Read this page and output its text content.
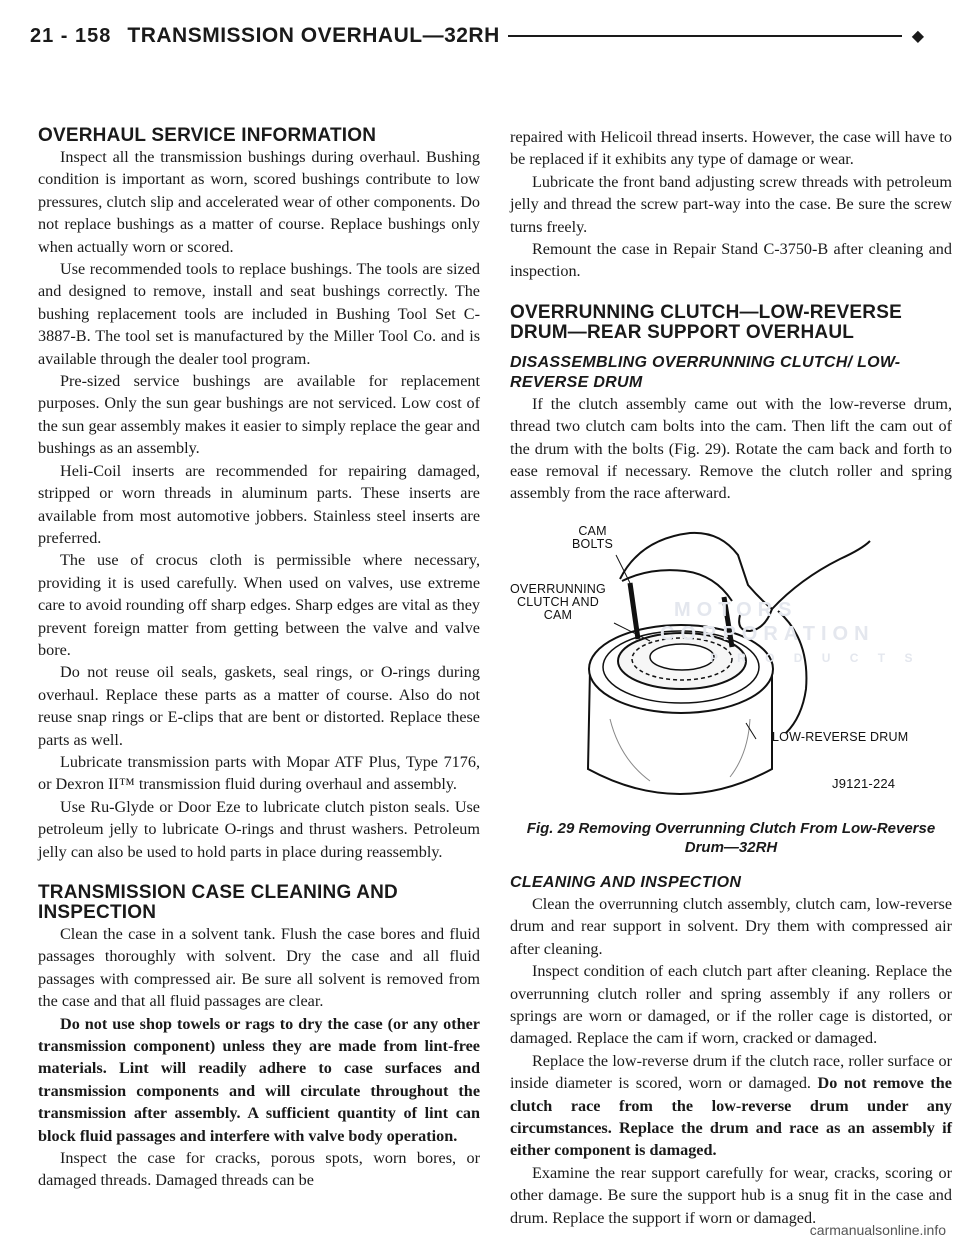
21 - 158 TRANSMISSION OVERHAUL—32RH	◆
OVERHAUL SERVICE INFORMATION

Inspect all the transmission bushings during overhaul. Bushing condition is important as worn, scored bushings contribute to low pressures, clutch slip and accelerated wear of other components. Do not replace bushings as a matter of course. Replace bushings only when actually worn or scored.

Use recommended tools to replace bushings. The tools are sized and designed to remove, install and seat bushings correctly. The bushing replacement tools are included in Bushing Tool Set C-3887-B. The tool set is manufactured by the Miller Tool Co. and is available through the dealer tool program.

Pre-sized service bushings are available for replacement purposes. Only the sun gear bushings are not serviced. Low cost of the sun gear assembly makes it easier to simply replace the gear and bushings as an assembly.

Heli-Coil inserts are recommended for repairing damaged, stripped or worn threads in aluminum parts. These inserts are available from most automotive jobbers. Stainless steel inserts are preferred.

The use of crocus cloth is permissible where necessary, providing it is used carefully. When used on valves, use extreme care to avoid rounding off sharp edges. Sharp edges are vital as they prevent foreign matter from getting between the valve and valve bore.

Do not reuse oil seals, gaskets, seal rings, or O-rings during overhaul. Replace these parts as a matter of course. Also do not reuse snap rings or E-clips that are bent or distorted. Replace these parts as well.

Lubricate transmission parts with Mopar ATF Plus, Type 7176, or Dexron II™ transmission fluid during overhaul and assembly.

Use Ru-Glyde or Door Eze to lubricate clutch piston seals. Use petroleum jelly to lubricate O-rings and thrust washers. Petroleum jelly can also be used to hold parts in place during reassembly.

TRANSMISSION CASE CLEANING AND INSPECTION

Clean the case in a solvent tank. Flush the case bores and fluid passages thoroughly with solvent. Dry the case and all fluid passages with compressed air. Be sure all solvent is removed from the case and that all fluid passages are clear.

Do not use shop towels or rags to dry the case (or any other transmission component) unless they are made from lint-free materials. Lint will readily adhere to case surfaces and transmission components and will circulate throughout the transmission after assembly. A sufficient quantity of lint can block fluid passages and interfere with valve body operation.

Inspect the case for cracks, porous spots, worn bores, or damaged threads. Damaged threads can be

repaired with Helicoil thread inserts. However, the case will have to be replaced if it exhibits any type of damage or wear.

Lubricate the front band adjusting screw threads with petroleum jelly and thread the screw part-way into the case. Be sure the screw turns freely.

Remount the case in Repair Stand C-3750-B after cleaning and inspection.

OVERRUNNING CLUTCH—LOW-REVERSE DRUM—REAR SUPPORT OVERHAUL
DISASSEMBLING OVERRUNNING CLUTCH/ LOW-REVERSE DRUM

If the clutch assembly came out with the low-reverse drum, thread two clutch cam bolts into the cam. Then lift the cam out of the drum with the bolts (Fig. 29). Rotate the cam back and forth to ease removal if necessary. Remove the clutch roller and spring assembly from the race afterward.

MOTORS
CORPORATION
P R O D U C T S
CAM
BOLTS
OVERRUNNING
CLUTCH AND
CAM
LOW-REVERSE DRUM
J9121-224
Fig. 29 Removing Overrunning Clutch From Low-Reverse Drum—32RH
CLEANING AND INSPECTION

Clean the overrunning clutch assembly, clutch cam, low-reverse drum and rear support in solvent. Dry them with compressed air after cleaning.

Inspect condition of each clutch part after cleaning. Replace the overrunning clutch roller and spring assembly if any rollers or springs are worn or damaged, or if the roller cage is distorted, or damaged. Replace the cam if worn, cracked or damaged.

Replace the low-reverse drum if the clutch race, roller surface or inside diameter is scored, worn or damaged. Do not remove the clutch race from the low-reverse drum under any circumstances. Replace the drum and race as an assembly if either component is damaged.

Examine the rear support carefully for wear, cracks, scoring or other damage. Be sure the support hub is a snug fit in the case and drum. Replace the support if worn or damaged.

carmanualsonline.info
